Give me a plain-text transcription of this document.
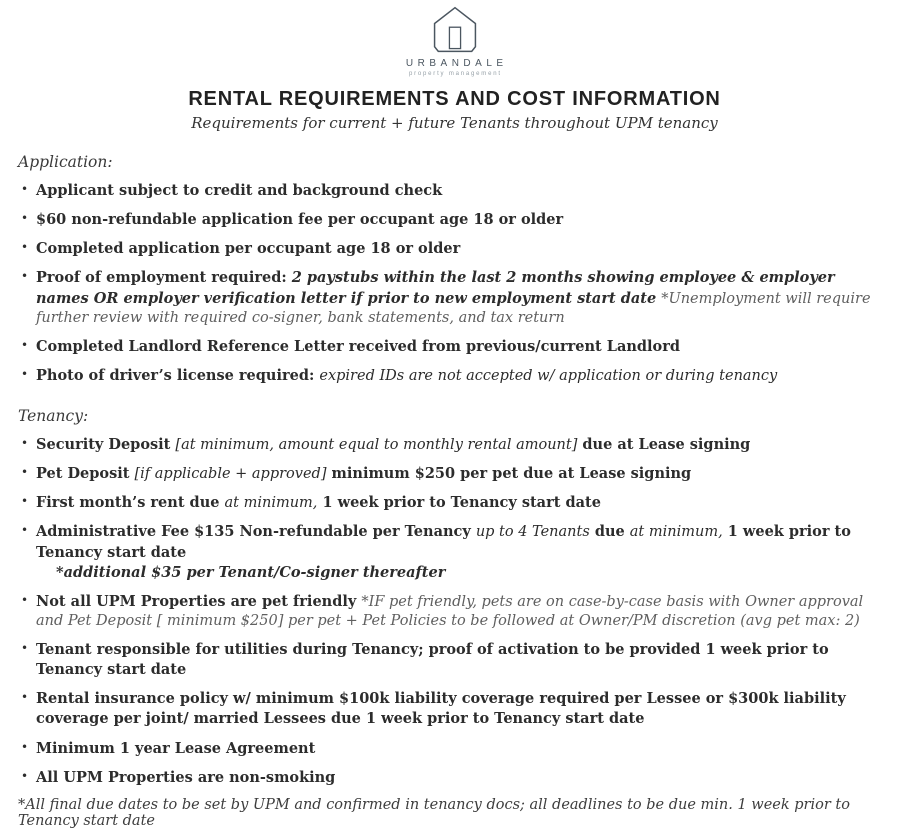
URBANDALE
property management
RENTAL REQUIREMENTS AND COST INFORMATION
Requirements for current + future Tenants throughout UPM tenancy
Application:
• Applicant subject to credit and background check
• $60 non-refundable application fee per occupant age 18 or older
• Completed application per occupant age 18 or older
• Proof of employment required: 2 paystubs within the last 2 months showing employee & employer names OR employer verification letter if prior to new employment start date *Unemployment will require further review with required co-signer, bank statements, and tax return
• Completed Landlord Reference Letter received from previous/current Landlord
• Photo of driver’s license required: expired IDs are not accepted w/ application or during tenancy
Tenancy:
• Security Deposit [at minimum, amount equal to monthly rental amount] due at Lease signing
• Pet Deposit [if applicable + approved] minimum $250 per pet due at Lease signing
• First month’s rent due at minimum, 1 week prior to Tenancy start date
• Administrative Fee $135 Non-refundable per Tenancy up to 4 Tenants due at minimum, 1 week prior to Tenancy start date
*additional $35 per Tenant/Co-signer thereafter
• Not all UPM Properties are pet friendly *IF pet friendly, pets are on case-by-case basis with Owner approval and Pet Deposit [ minimum $250] per pet + Pet Policies to be followed at Owner/PM discretion (avg pet max: 2)
• Tenant responsible for utilities during Tenancy; proof of activation to be provided 1 week prior to Tenancy start date
• Rental insurance policy w/ minimum $100k liability coverage required per Lessee or $300k liability coverage per joint/ married Lessees due 1 week prior to Tenancy start date
• Minimum 1 year Lease Agreement
• All UPM Properties are non-smoking
*All final due dates to be set by UPM and confirmed in tenancy docs; all deadlines to be due min. 1 week prior to Tenancy start date
